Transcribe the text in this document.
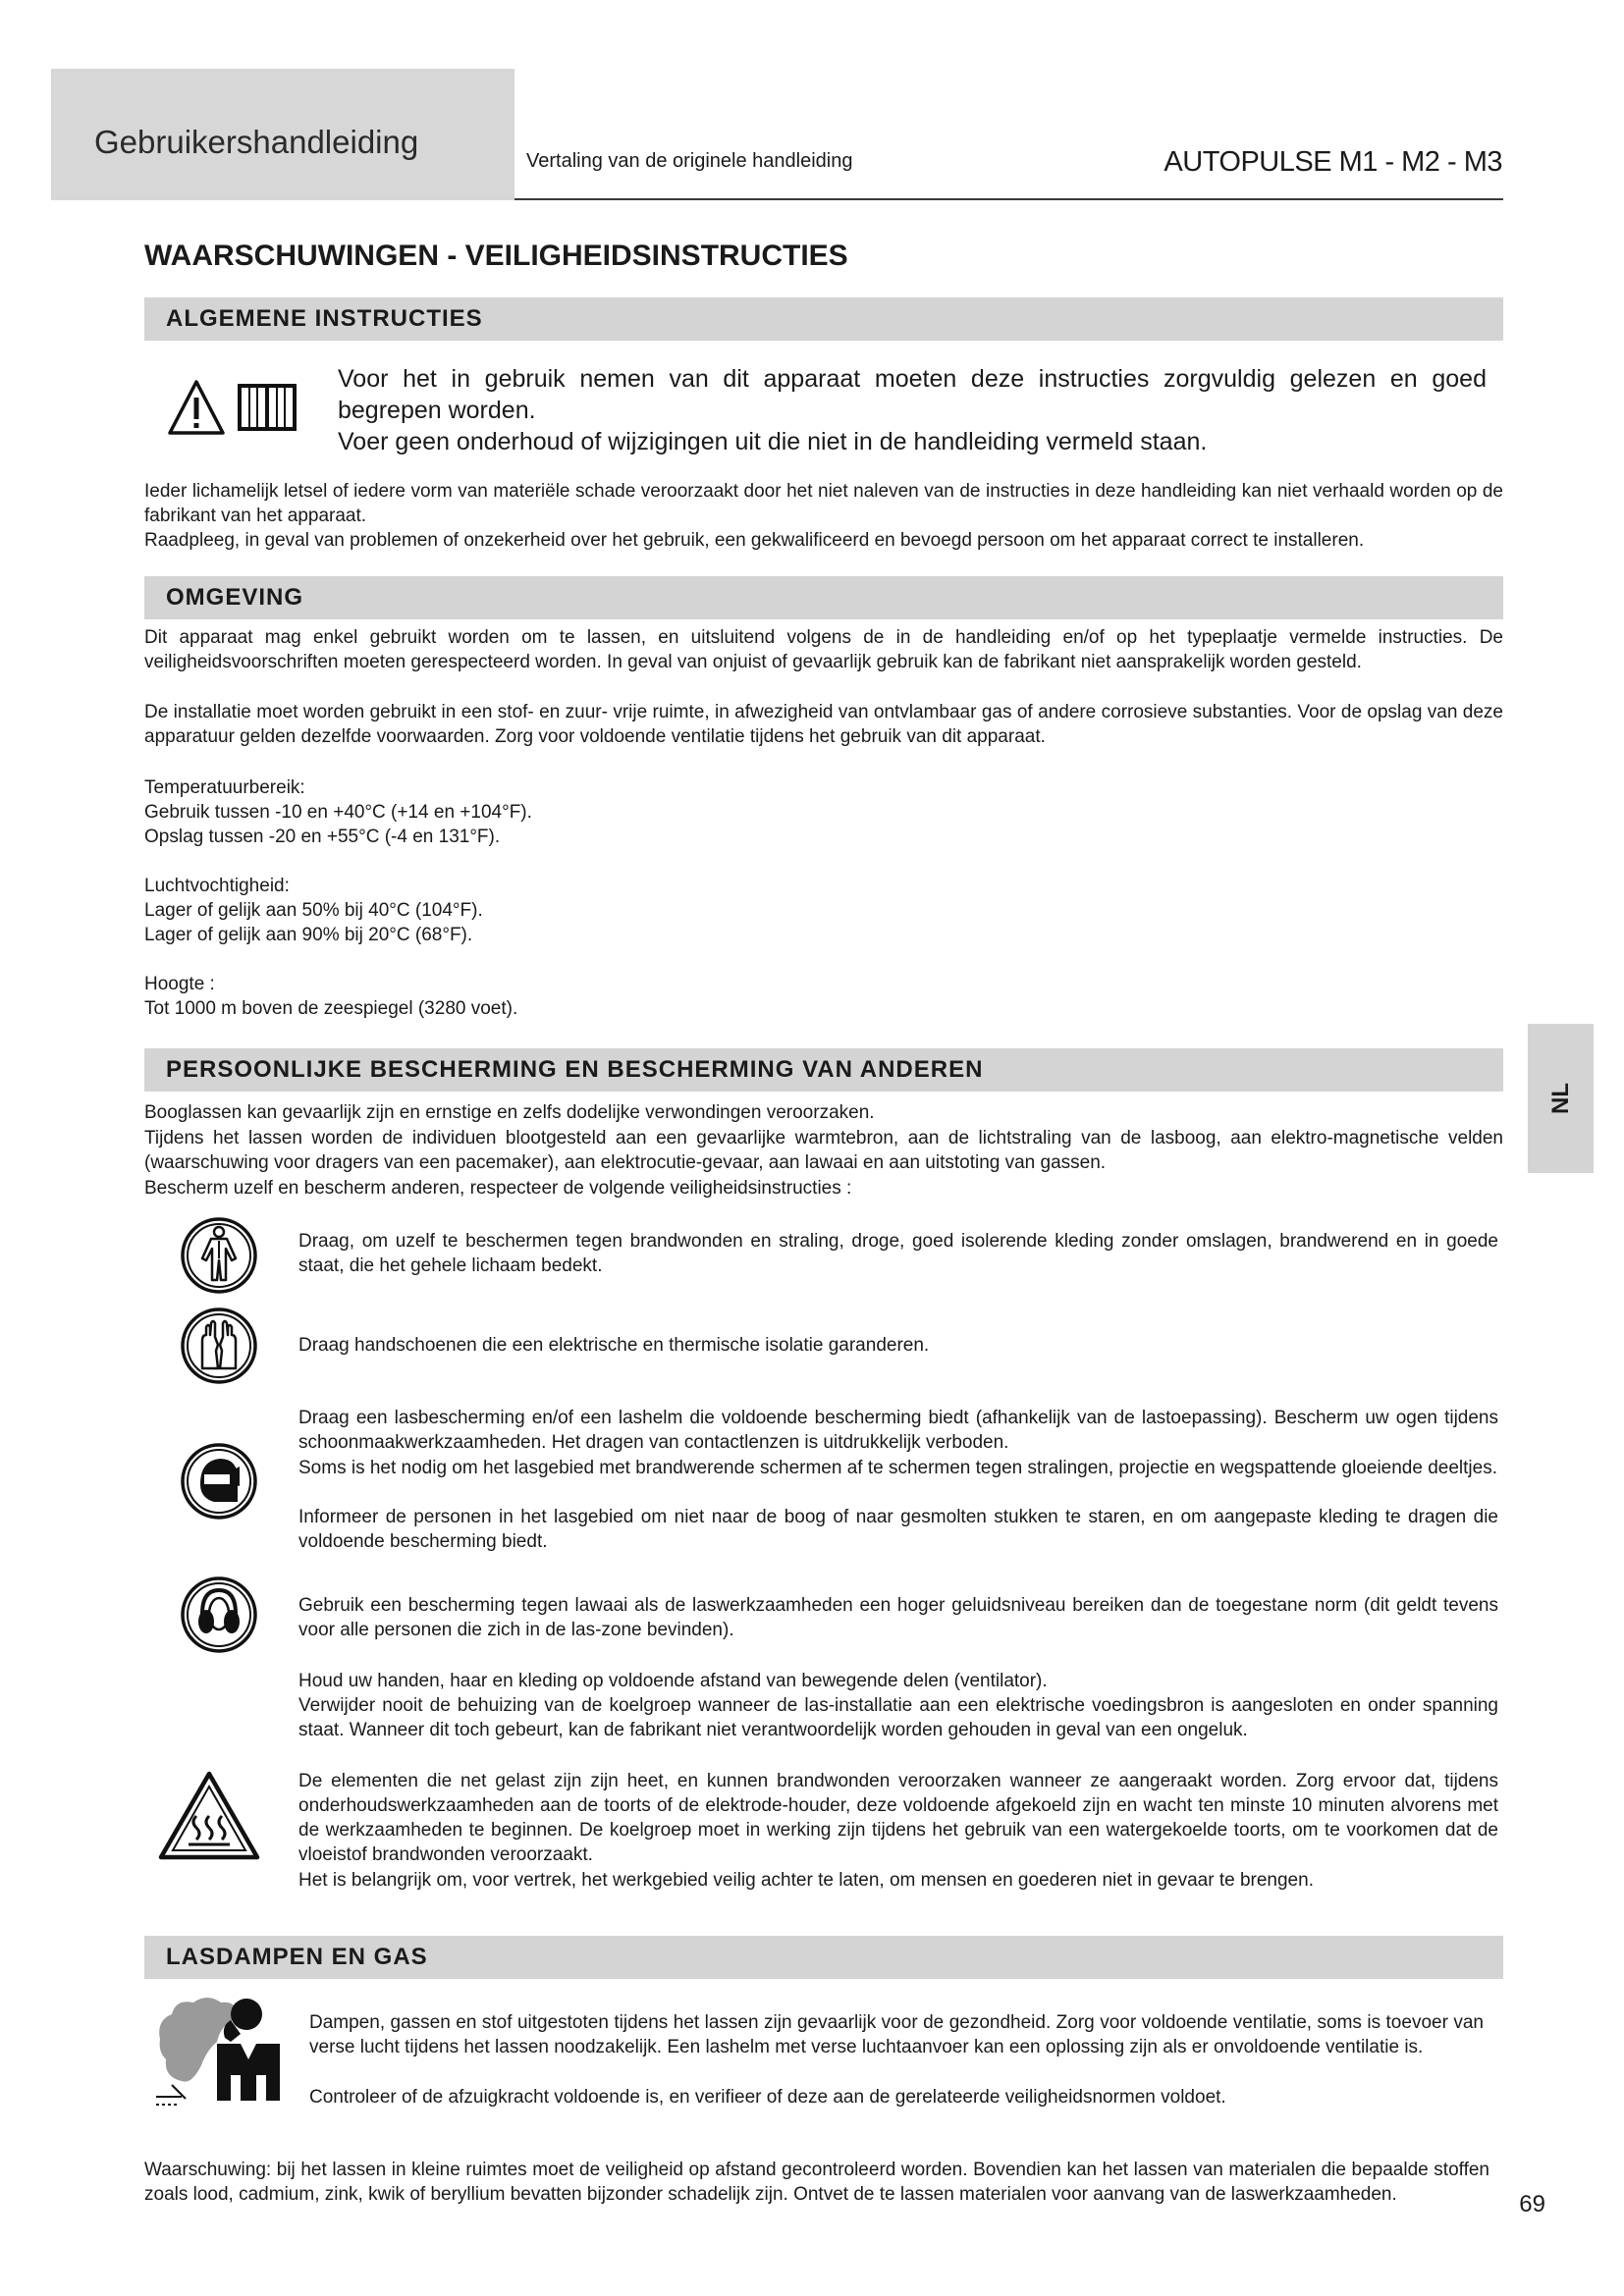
Gebruikershandleiding
Vertaling van de originele handleiding	AUTOPULSE M1 - M2 - M3
WAARSCHUWINGEN - VEILIGHEIDSINSTRUCTIES
ALGEMENE INSTRUCTIES
Voor het in gebruik nemen van dit apparaat moeten deze instructies zorgvuldig gelezen en goed begrepen worden.
Voer geen onderhoud of wijzigingen uit die niet in de handleiding vermeld staan.
Ieder lichamelijk letsel of iedere vorm van materiële schade veroorzaakt door het niet naleven van de instructies in deze handleiding kan niet verhaald worden op de fabrikant van het apparaat.
Raadpleeg, in geval van problemen of onzekerheid over het gebruik, een gekwalificeerd en bevoegd persoon om het apparaat correct te installeren.
OMGEVING
Dit apparaat mag enkel gebruikt worden om te lassen, en uitsluitend volgens de in de handleiding en/of op het typeplaatje vermelde instructies. De veiligheidsvoorschriften moeten gerespecteerd worden. In geval van onjuist of gevaarlijk gebruik kan de fabrikant niet aansprakelijk worden gesteld.
De installatie moet worden gebruikt in een stof- en zuur- vrije ruimte, in afwezigheid van ontvlambaar gas of andere corrosieve substanties. Voor de opslag van deze apparatuur gelden dezelfde voorwaarden. Zorg voor voldoende ventilatie tijdens het gebruik van dit apparaat.
Temperatuurbereik:
Gebruik tussen -10 en +40°C (+14 en +104°F).
Opslag tussen -20 en +55°C (-4 en 131°F).
Luchtvochtigheid:
Lager of gelijk aan 50% bij 40°C (104°F).
Lager of gelijk aan 90% bij 20°C (68°F).
Hoogte :
Tot 1000 m boven de zeespiegel (3280 voet).
PERSOONLIJKE BESCHERMING EN BESCHERMING VAN ANDEREN
Booglassen kan gevaarlijk zijn en ernstige en zelfs dodelijke verwondingen veroorzaken.
Tijdens het lassen worden de individuen blootgesteld aan een gevaarlijke warmtebron, aan de lichtstraling van de lasboog, aan elektro-magnetische velden (waarschuwing voor dragers van een pacemaker), aan elektrocutie-gevaar, aan lawaai en aan uitstoting van gassen.
Bescherm uzelf en bescherm anderen, respecteer de volgende veiligheidsinstructies :
Draag, om uzelf te beschermen tegen brandwonden en straling, droge, goed isolerende kleding zonder omslagen, brandwerend en in goede staat, die het gehele lichaam bedekt.
Draag handschoenen die een elektrische en thermische isolatie garanderen.
Draag een lasbescherming en/of een lashelm die voldoende bescherming biedt (afhankelijk van de lastoepassing). Bescherm uw ogen tijdens schoonmaakwerkzaamheden. Het dragen van contactlenzen is uitdrukkelijk verboden.
Soms is het nodig om het lasgebied met brandwerende schermen af te schermen tegen stralingen, projectie en wegspattende gloeiende deeltjes.
Informeer de personen in het lasgebied om niet naar de boog of naar gesmolten stukken te staren, en om aangepaste kleding te dragen die voldoende bescherming biedt.
Gebruik een bescherming tegen lawaai als de laswerkzaamheden een hoger geluidsniveau bereiken dan de toegestane norm (dit geldt tevens voor alle personen die zich in de las-zone bevinden).
Houd uw handen, haar en kleding op voldoende afstand van bewegende delen (ventilator).
Verwijder nooit de behuizing van de koelgroep wanneer de las-installatie aan een elektrische voedingsbron is aangesloten en onder spanning staat. Wanneer dit toch gebeurt, kan de fabrikant niet verantwoordelijk worden gehouden in geval van een ongeluk.
De elementen die net gelast zijn zijn heet, en kunnen brandwonden veroorzaken wanneer ze aangeraakt worden. Zorg ervoor dat, tijdens onderhoudswerkzaamheden aan de toorts of de elektrode-houder, deze voldoende afgekoeld zijn en wacht ten minste 10 minuten alvorens met de werkzaamheden te beginnen. De koelgroep moet in werking zijn tijdens het gebruik van een watergekoelde toorts, om te voorkomen dat de vloeistof brandwonden veroorzaakt.
Het is belangrijk om, voor vertrek, het werkgebied veilig achter te laten, om mensen en goederen niet in gevaar te brengen.
LASDAMPEN EN GAS
Dampen, gassen en stof uitgestoten tijdens het lassen zijn gevaarlijk voor de gezondheid. Zorg voor voldoende ventilatie, soms is toevoer van verse lucht tijdens het lassen noodzakelijk. Een lashelm met verse luchtaanvoer kan een oplossing zijn als er onvoldoende ventilatie is.
Controleer of de afzuigkracht voldoende is, en verifieer of deze aan de gerelateerde veiligheidsnormen voldoet.
Waarschuwing: bij het lassen in kleine ruimtes moet de veiligheid op afstand gecontroleerd worden. Bovendien kan het lassen van materialen die bepaalde stoffen zoals lood, cadmium, zink, kwik of beryllium bevatten bijzonder schadelijk zijn. Ontvet de te lassen materialen voor aanvang van de laswerkzaamheden.
NL
69
